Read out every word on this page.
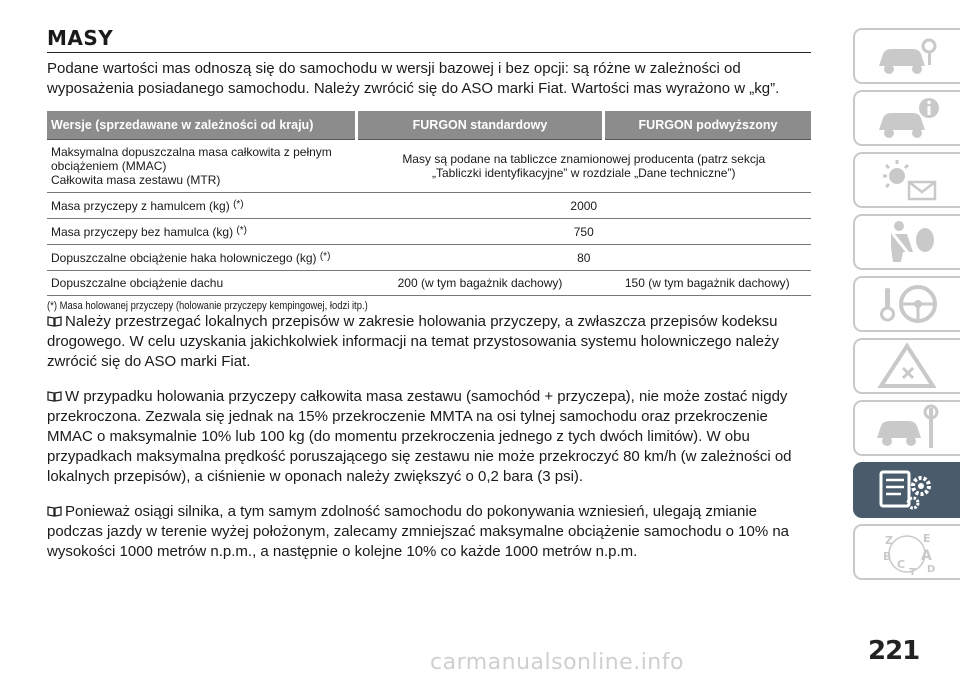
MASY
Podane wartości mas odnoszą się do samochodu w wersji bazowej i bez opcji: są różne w zależności od wyposażenia posiadanego samochodu. Należy zwrócić się do ASO marki Fiat. Wartości mas wyrażono w „kg”.
Wersje (sprzedawane w zależności od kraju)	FURGON standardowy	FURGON podwyższony

Maksymalna dopuszczalna masa całkowita z pełnym
obciążeniem (MMAC)
Całkowita masa zestawu (MTR)	Masy są podane na tabliczce znamionowej producenta (patrz sekcja „Tabliczki identyfikacyjne” w rozdziale „Dane techniczne”)	
Masa przyczepy z hamulcem (kg) (*)	2000	
Masa przyczepy bez hamulca (kg) (*)	750	
Dopuszczalne obciążenie haka holowniczego (kg) (*)	80	
Dopuszczalne obciążenie dachu	200 (w tym bagażnik dachowy)	150 (w tym bagażnik dachowy)
(*) Masa holowanej przyczepy (holowanie przyczepy kempingowej, łodzi itp.)

Należy przestrzegać lokalnych przepisów w zakresie holowania przyczepy, a zwłaszcza przepisów kodeksu drogowego. W celu uzyskania jakichkolwiek informacji na temat przystosowania systemu holowniczego należy zwrócić się do ASO marki Fiat.

W przypadku holowania przyczepy całkowita masa zestawu (samochód + przyczepa), nie może zostać nigdy przekroczona. Zezwala się jednak na 15% przekroczenie MMTA na osi tylnej samochodu oraz przekroczenie MMAC o maksymalnie 10% lub 100 kg (do momentu przekroczenia jednego z tych dwóch limitów). W obu przypadkach maksymalna prędkość poruszającego się zestawu nie może przekroczyć 80 km/h (w zależności od lokalnych przepisów), a ciśnienie w oponach należy zwiększyć o 0,2 bara (3 psi).

Ponieważ osiągi silnika, a tym samym zdolność samochodu do pokonywania wzniesień, ulegają zmianie podczas jazdy w terenie wyżej położonym, zalecamy zmniejszać maksymalne obciążenie samochodu o 10% na wysokości 1000 metrów n.p.m., a następnie o kolejne 10% co każde 1000 metrów n.p.m.

Z	E
B A
C D
T
221
carmanualsonline.info
